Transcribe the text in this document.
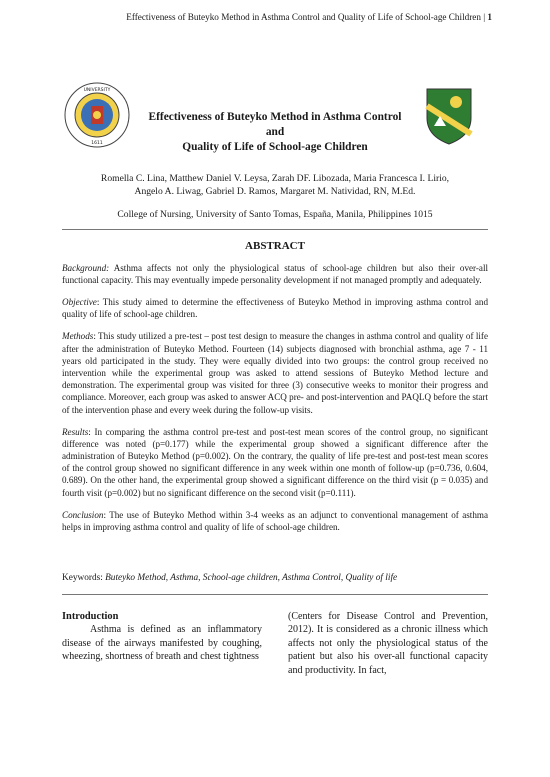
Effectiveness of Buteyko Method in Asthma Control and Quality of Life of School-age Children | 1
UNIVERSITY
1611
Effectiveness of Buteyko Method in Asthma Control and
Quality of Life of School-age Children
Romella C. Lina, Matthew Daniel V. Leysa, Zarah DF. Libozada, Maria Francesca I. Lirio,
Angelo A. Liwag, Gabriel D. Ramos, Margaret M. Natividad, RN, M.Ed.
College of Nursing, University of Santo Tomas, España, Manila, Philippines 1015
ABSTRACT

Background: Asthma affects not only the physiological status of school-age children but also their over-all functional capacity. This may eventually impede personality development if not managed promptly and adequately.

Objective: This study aimed to determine the effectiveness of Buteyko Method in improving asthma control and quality of life of school-age children.

Methods: This study utilized a pre-test – post test design to measure the changes in asthma control and quality of life after the administration of Buteyko Method. Fourteen (14) subjects diagnosed with bronchial asthma, age 7 - 11 years old participated in the study. They were equally divided into two groups: the control group received no intervention while the experimental group was asked to attend sessions of Buteyko Method lecture and demonstration. The experimental group was visited for three (3) consecutive weeks to monitor their progress and compliance. Moreover, each group was asked to answer ACQ pre- and post-intervention and PAQLQ before the start of the intervention phase and every week during the follow-up visits.

Results: In comparing the asthma control pre-test and post-test mean scores of the control group, no significant difference was noted (p=0.177) while the experimental group showed a significant difference after the administration of Buteyko Method (p=0.002). On the contrary, the quality of life pre-test and post-test mean scores of the control group showed no significant difference in any week within one month of follow-up (p=0.736, 0.604, 0.689). On the other hand, the experimental group showed a significant difference on the third visit (p = 0.035) and fourth visit (p=0.002) but no significant difference on the second visit (p=0.111).

Conclusion: The use of Buteyko Method within 3-4 weeks as an adjunct to conventional management of asthma helps in improving asthma control and quality of life of school-age children.

Keywords: Buteyko Method, Asthma, School-age children, Asthma Control, Quality of life

Introduction

Asthma is defined as an inflammatory disease of the airways manifested by coughing, wheezing, shortness of breath and chest tightness

(Centers for Disease Control and Prevention, 2012). It is considered as a chronic illness which affects not only the physiological status of the patient but also his over-all functional capacity and productivity. In fact,
